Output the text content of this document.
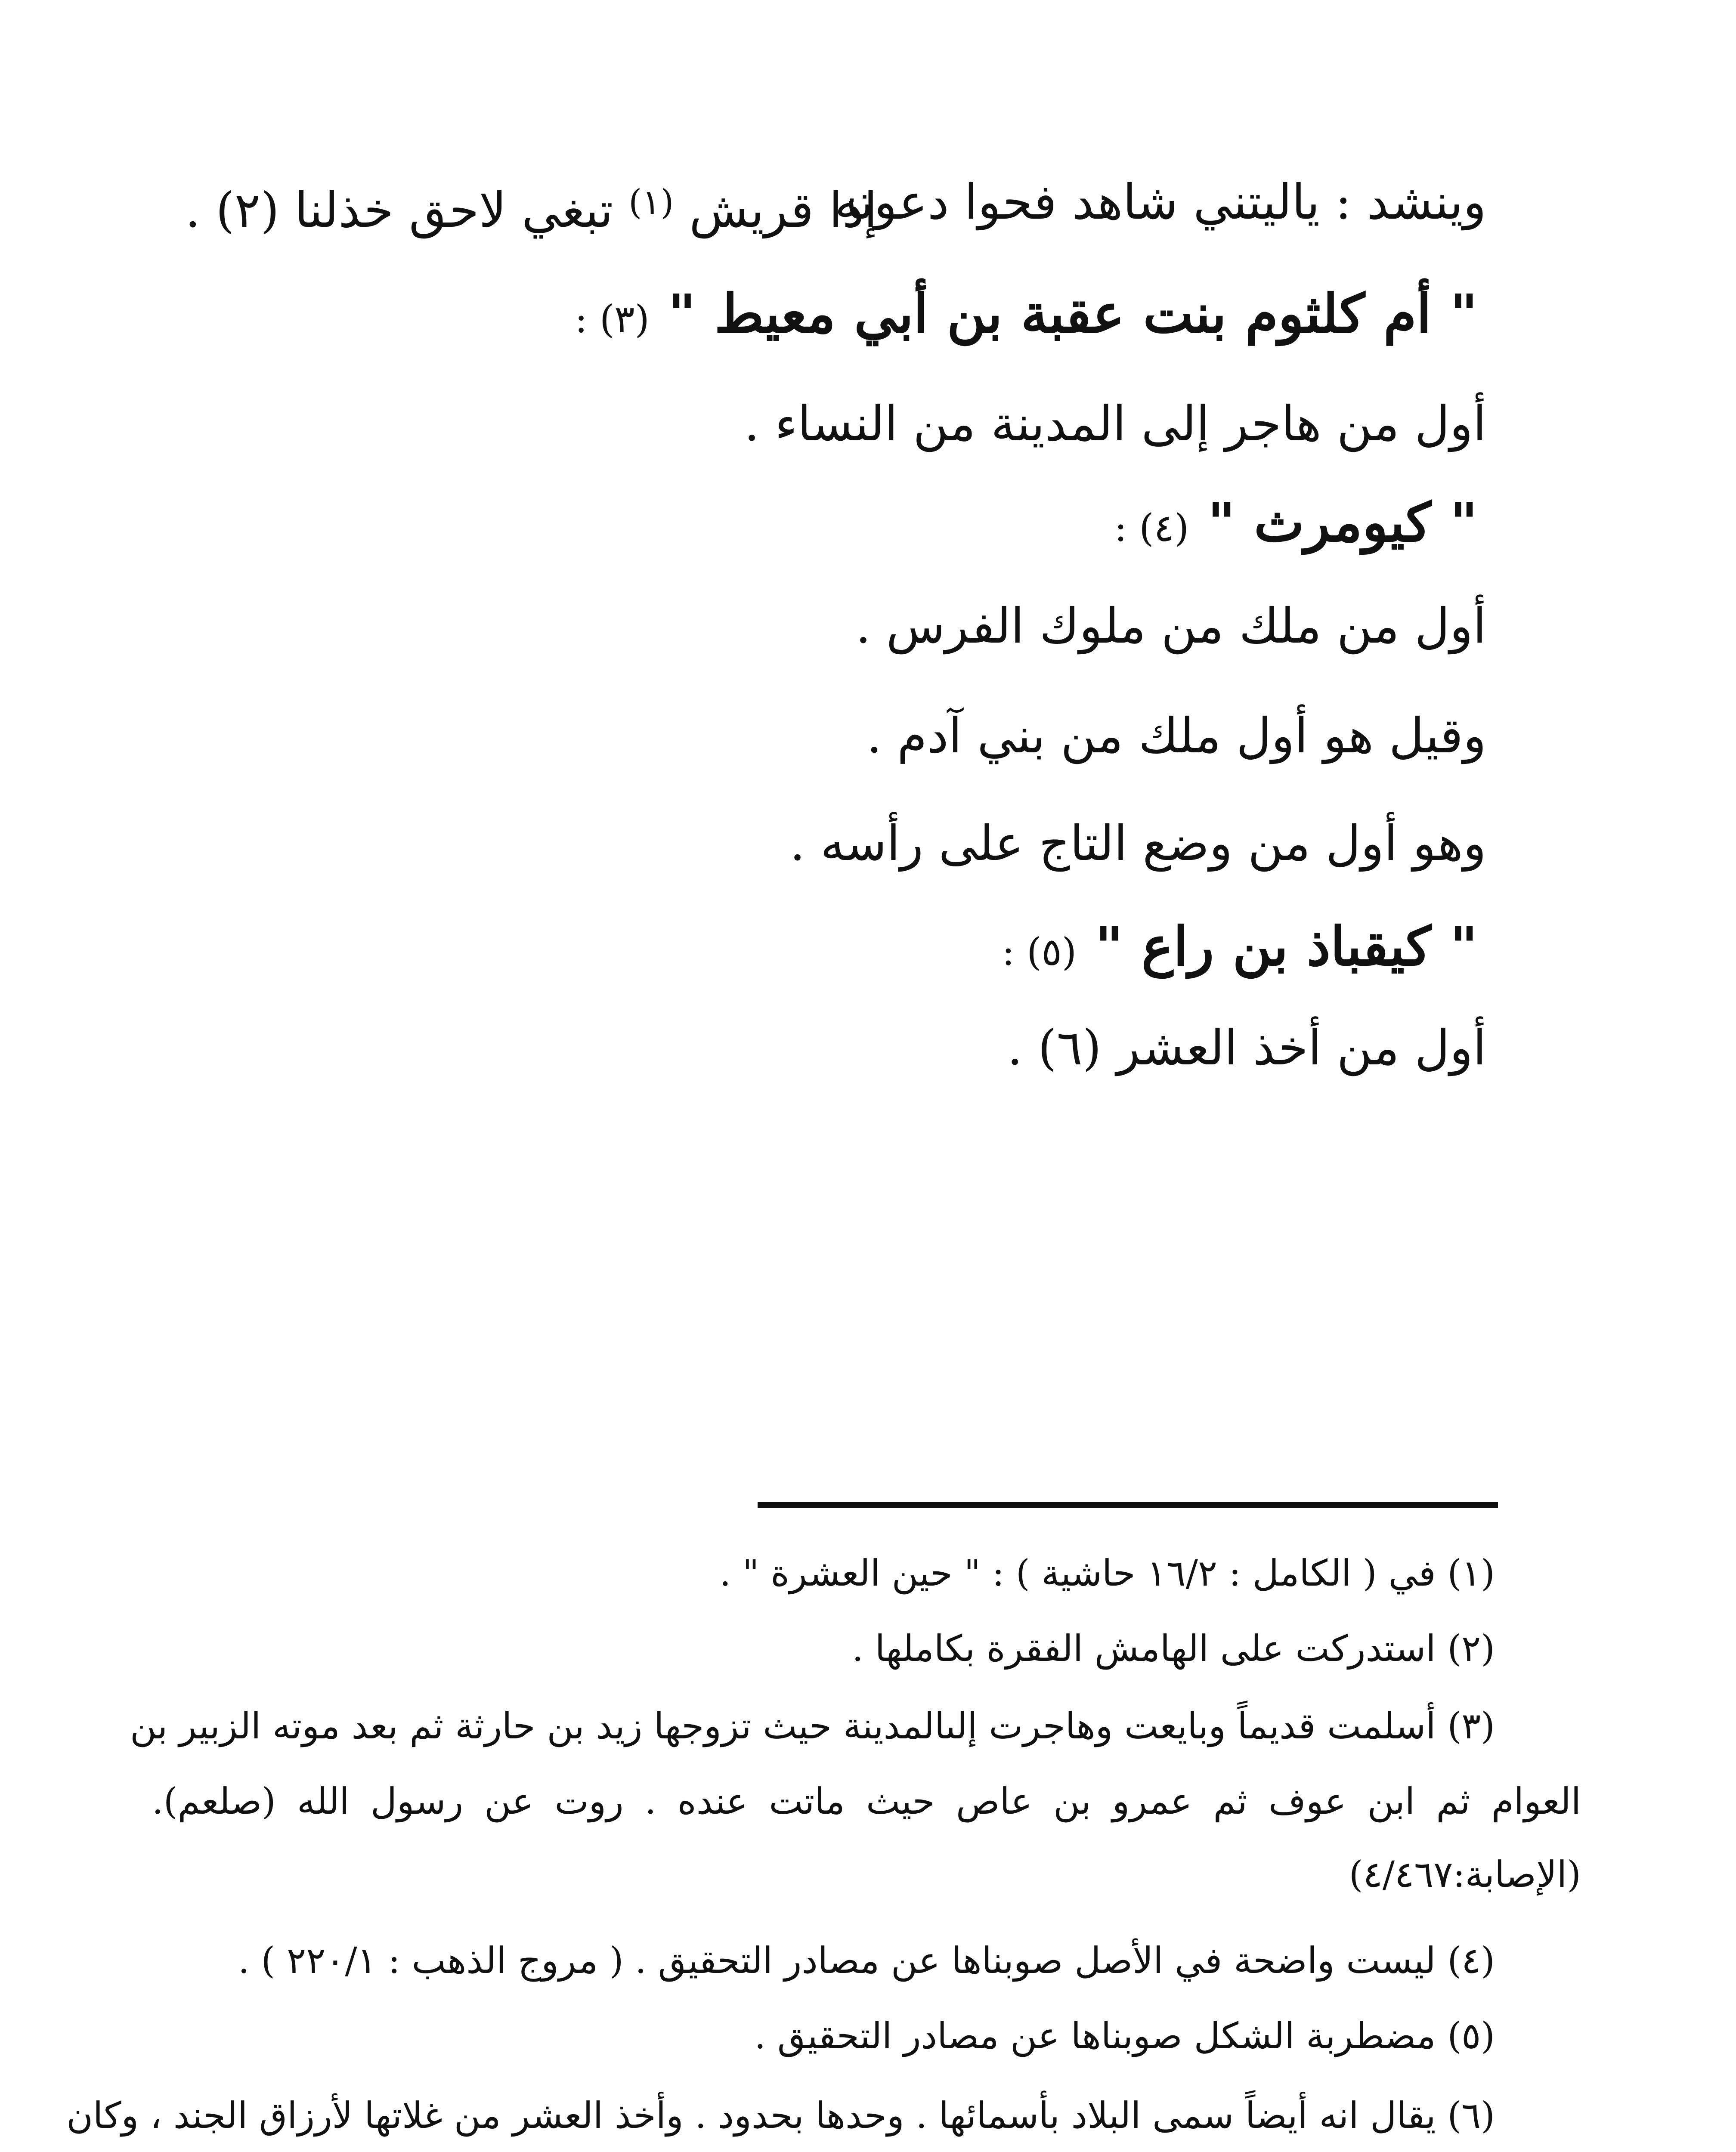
وينشد : ياليتني شاهد فحوا دعوته
إذا قريش $^{(١)}$ تبغي لاحق خذلنا (٢) .
" أم كلثوم بنت عقبة بن أبي معيط " (٣) :
أول من هاجر إلى المدينة من النساء .
" كيومرث " (٤) :
أول من ملك من ملوك الفرس .
وقيل هو أول ملك من بني آدم .
وهو أول من وضع التاج على رأسه .
" كيقباذ بن راع " (٥) :
أول من أخذ العشر (٦) .
(١) في ( الكامل : ١٦/٢ حاشية ) : " حين العشرة " .
(٢) استدركت على الهامش الفقرة بكاملها .
(٣) أسلمت قديماً وبايعت وهاجرت إلىالمدينة حيث تزوجها زيد بن حارثة ثم بعد موته الزبير بن
العوام ثم ابن عوف ثم عمرو بن عاص حيث ماتت عنده . روت عن رسول الله (صلعم).
(الإصابة:٤/٤٦٧)
(٤) ليست واضحة في الأصل صوبناها عن مصادر التحقيق . ( مروج الذهب : ٢٢٠/١ ) .
(٥) مضطربة الشكل صوبناها عن مصادر التحقيق .
(٦) يقال انه أيضاً سمى البلاد بأسمائها . وحدها بحدود . وأخذ العشر من غلاتها لأرزاق الجند ، وكان
